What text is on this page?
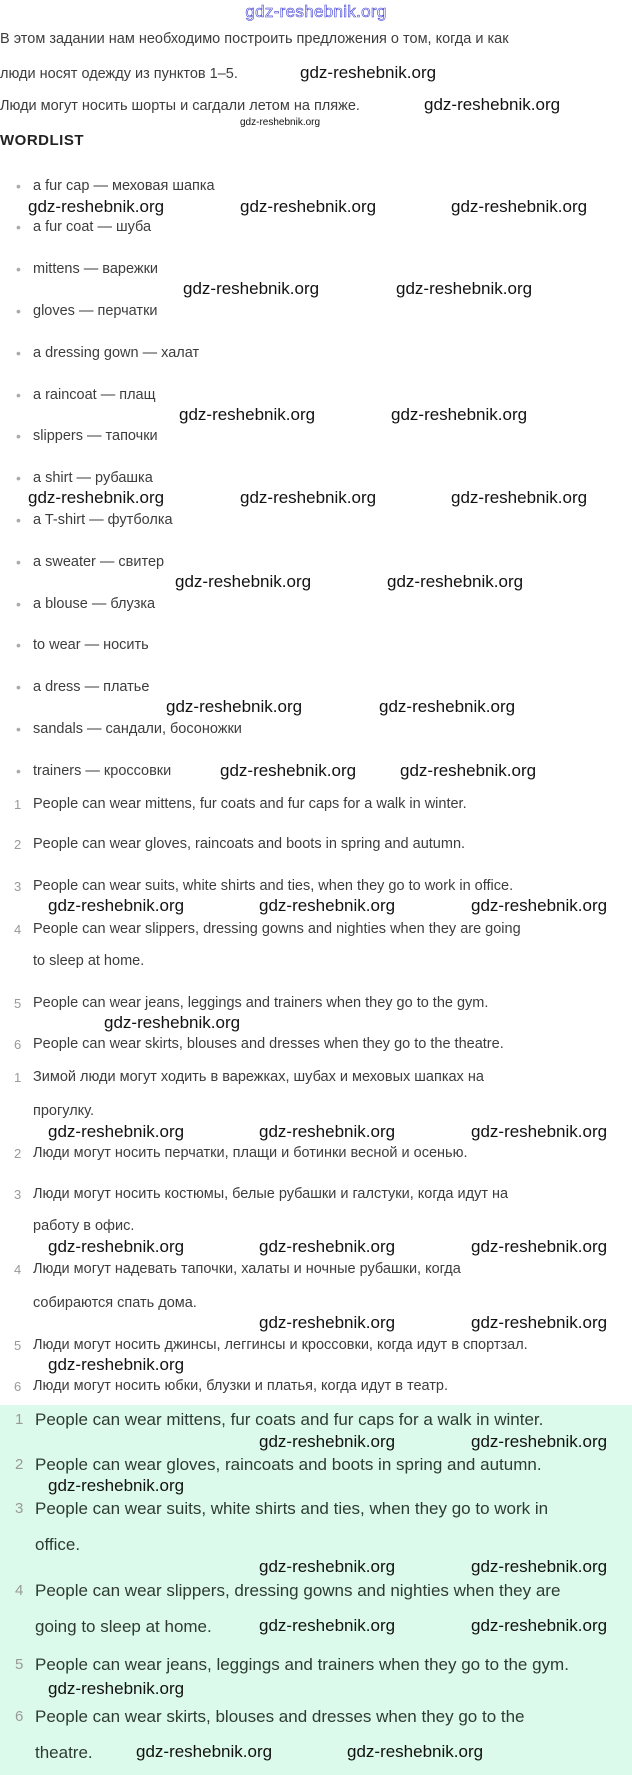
gdz-reshebnik.org
В этом задании нам необходимо построить предложения о том, когда и как
люди носят одежду из пунктов 1–5.
Люди могут носить шорты и сагдали летом на пляже.
WORDLIST
• a fur cap — меховая шапка
• a fur coat — шуба
• mittens — варежки
• gloves — перчатки
• a dressing gown — халат
• a raincoat — плащ
• slippers — тапочки
• a shirt — рубашка
• a T-shirt — футболка
• a sweater — свитер
• a blouse — блузка
• to wear — носить
• a dress — платье
• sandals — сандали, босоножки
• trainers — кроссовки
1 People can wear mittens, fur coats and fur caps for a walk in winter.
2 People can wear gloves, raincoats and boots in spring and autumn.
3 People can wear suits, white shirts and ties, when they go to work in office.
4 People can wear slippers, dressing gowns and nighties when they are going
to sleep at home.
5 People can wear jeans, leggings and trainers when they go to the gym.
6 People can wear skirts, blouses and dresses when they go to the theatre.
1 Зимой люди могут ходить в варежках, шубах и меховых шапках на
прогулку.
2 Люди могут носить перчатки, плащи и ботинки весной и осенью.
3 Люди могут носить костюмы, белые рубашки и галстуки, когда идут на
работу в офис.
4 Люди могут надевать тапочки, халаты и ночные рубашки, когда
собираются спать дома.
5 Люди могут носить джинсы, леггинсы и кроссовки, когда идут в спортзал.
6 Люди могут носить юбки, блузки и платья, когда идут в театр.
1 People can wear mittens, fur coats and fur caps for a walk in winter.
2 People can wear gloves, raincoats and boots in spring and autumn.
3 People can wear suits, white shirts and ties, when they go to work in
office.
4 People can wear slippers, dressing gowns and nighties when they are
going to sleep at home.
5 People can wear jeans, leggings and trainers when they go to the gym.
6 People can wear skirts, blouses and dresses when they go to the
theatre.
gdz-reshebnik.org
gdz-reshebnik.org
gdz-reshebnik.org	gdz-reshebnik.org	gdz-reshebnik.org
gdz-reshebnik.org	gdz-reshebnik.org
gdz-reshebnik.org	gdz-reshebnik.org
gdz-reshebnik.org	gdz-reshebnik.org	gdz-reshebnik.org
gdz-reshebnik.org	gdz-reshebnik.org
gdz-reshebnik.org	gdz-reshebnik.org
gdz-reshebnik.org	gdz-reshebnik.org
gdz-reshebnik.org	gdz-reshebnik.org	gdz-reshebnik.org
gdz-reshebnik.org
gdz-reshebnik.org	gdz-reshebnik.org	gdz-reshebnik.org
gdz-reshebnik.org	gdz-reshebnik.org	gdz-reshebnik.org
gdz-reshebnik.org	gdz-reshebnik.org
gdz-reshebnik.org
gdz-reshebnik.org	gdz-reshebnik.org
gdz-reshebnik.org
gdz-reshebnik.org	gdz-reshebnik.org
gdz-reshebnik.org	gdz-reshebnik.org
gdz-reshebnik.org
gdz-reshebnik.org	gdz-reshebnik.org
gdz-reshebnik.org
